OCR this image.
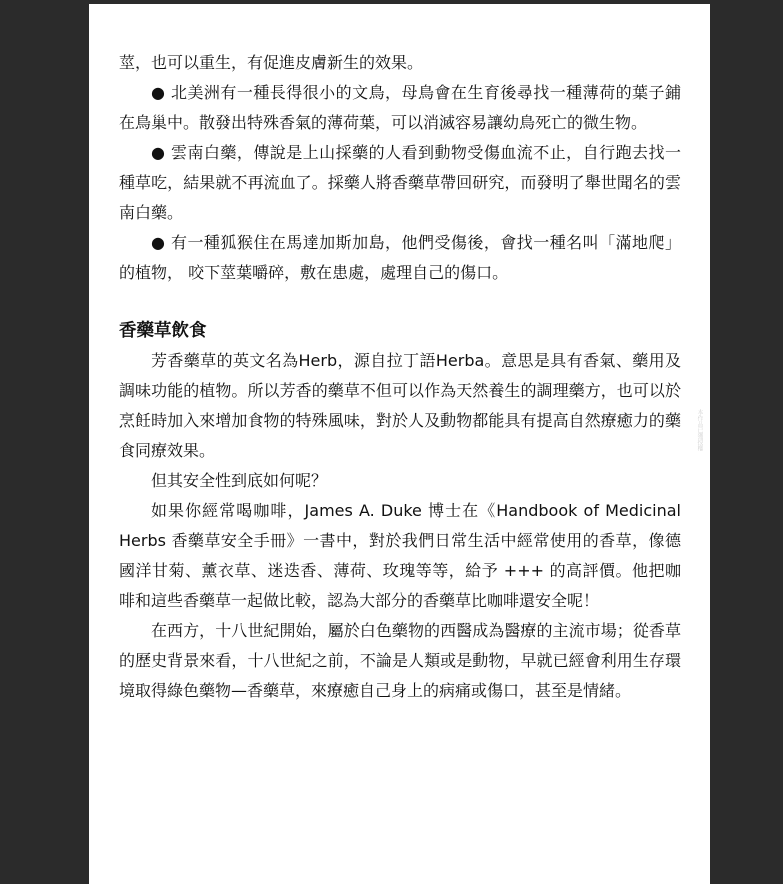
莖，也可以重生，有促進皮膚新生的效果。

● 北美洲有一種長得很小的文鳥，母鳥會在生育後尋找一種薄荷的葉子鋪在鳥巢中。散發出特殊香氣的薄荷葉，可以消滅容易讓幼鳥死亡的微生物。

● 雲南白藥，傳說是上山採藥的人看到動物受傷血流不止，自行跑去找一種草吃，結果就不再流血了。採藥人將香藥草帶回研究，而發明了舉世聞名的雲南白藥。

● 有一種狐猴住在馬達加斯加島，他們受傷後，會找一種名叫「滿地爬」的植物， 咬下莖葉嚼碎，敷在患處，處理自己的傷口。

香藥草飲食

芳香藥草的英文名為Herb，源自拉丁語Herba。意思是具有香氣、藥用及調味功能的植物。所以芳香的藥草不但可以作為天然養生的調理藥方，也可以於烹飪時加入來增加食物的特殊風味，對於人及動物都能具有提高自然療癒力的藥食同療效果。

但其安全性到底如何呢？

如果你經常喝咖啡，James A. Duke 博士在《Handbook of Medicinal Herbs 香藥草安全手冊》一書中，對於我們日常生活中經常使用的香草，像德國洋甘菊、薰衣草、迷迭香、薄荷、玫瑰等等，給予 +++ 的高評價。他把咖啡和這些香藥草一起做比較，認為大部分的香藥草比咖啡還安全呢！

在西方，十八世紀開始，屬於白色藥物的西醫成為醫療的主流市場；從香草的歷史背景來看，十八世紀之前，不論是人類或是動物，早就已經會利用生存環境取得綠色藥物—香藥草，來療癒自己身上的病痛或傷口，甚至是情緒。

本作品已獲授權
